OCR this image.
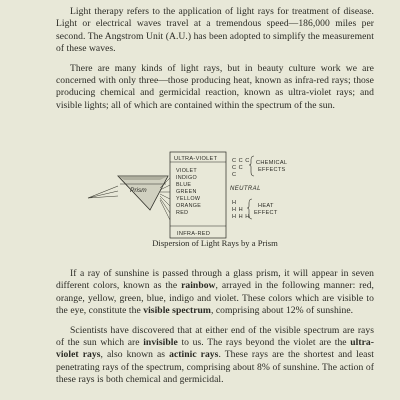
Light therapy refers to the application of light rays for treatment of disease. Light or electrical waves travel at a tremendous speed—186,000 miles per second. The Angstrom Unit (A.U.) has been adopted to simplify the measurement of these waves.

There are many kinds of light rays, but in beauty culture work we are concerned with only three—those producing heat, known as infra-red rays; those producing chemical and germicidal reaction, known as ultra-violet rays; and visible lights; all of which are contained within the spectrum of the sun.

Prism
ULTRA-VIOLET
VIOLET
INDIGO
BLUE
GREEN
YELLOW
ORANGE
RED
INFRA-RED
C C C
C C
C
CHEMICAL
EFFECTS
NEUTRAL
H
H H
H H H
HEAT
EFFECT
Dispersion of Light Rays by a Prism

If a ray of sunshine is passed through a glass prism, it will appear in seven different colors, known as the rainbow, arrayed in the following manner: red, orange, yellow, green, blue, indigo and violet. These colors which are visible to the eye, constitute the visible spectrum, comprising about 12% of sunshine.

Scientists have discovered that at either end of the visible spectrum are rays of the sun which are invisible to us. The rays beyond the violet are the ultra-violet rays, also known as actinic rays. These rays are the shortest and least penetrating rays of the spectrum, comprising about 8% of sunshine. The action of these rays is both chemical and germicidal.
